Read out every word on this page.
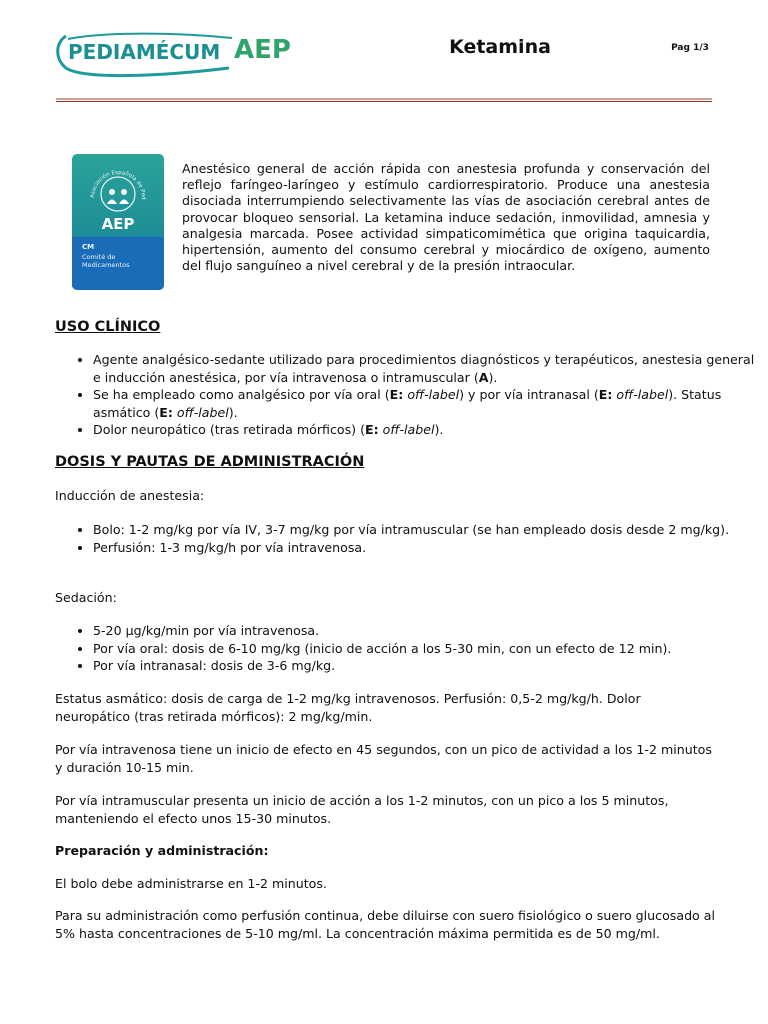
PEDIAMÉCUM AEP	Ketamina	Pag 1/3
Asociación Española de Ped
AEP
CM
Comité de
Medicamentos
Anestésico general de acción rápida con anestesia profunda y conservación del reflejo faríngeo-laríngeo y estímulo cardiorrespiratorio. Produce una anestesia disociada interrumpiendo selectivamente las vías de asociación cerebral antes de provocar bloqueo sensorial. La ketamina induce sedación, inmovilidad, amnesia y analgesia marcada. Posee actividad simpaticomimética que origina taquicardia, hipertensión, aumento del consumo cerebral y miocárdico de oxígeno, aumento del flujo sanguíneo a nivel cerebral y de la presión intraocular.
USO CLÍNICO
• Agente analgésico-sedante utilizado para procedimientos diagnósticos y terapéuticos, anestesia general e inducción anestésica, por vía intravenosa o intramuscular (A).
• Se ha empleado como analgésico por vía oral (E: off-label) y por vía intranasal (E: off-label). Status asmático (E: off-label).
• Dolor neuropático (tras retirada mórficos) (E: off-label).
DOSIS Y PAUTAS DE ADMINISTRACIÓN
Inducción de anestesia:
• Bolo: 1-2 mg/kg por vía IV, 3-7 mg/kg por vía intramuscular (se han empleado dosis desde 2 mg/kg).
• Perfusión: 1-3 mg/kg/h por vía intravenosa.
Sedación:
• 5-20 µg/kg/min por vía intravenosa.
• Por vía oral: dosis de 6-10 mg/kg (inicio de acción a los 5-30 min, con un efecto de 12 min).
• Por vía intranasal: dosis de 3-6 mg/kg.
Estatus asmático: dosis de carga de 1-2 mg/kg intravenosos. Perfusión: 0,5-2 mg/kg/h. Dolor neuropático (tras retirada mórficos): 2 mg/kg/min.
Por vía intravenosa tiene un inicio de efecto en 45 segundos, con un pico de actividad a los 1-2 minutos y duración 10-15 min.
Por vía intramuscular presenta un inicio de acción a los 1-2 minutos, con un pico a los 5 minutos, manteniendo el efecto unos 15-30 minutos.
Preparación y administración:
El bolo debe administrarse en 1-2 minutos.
Para su administración como perfusión continua, debe diluirse con suero fisiológico o suero glucosado al 5% hasta concentraciones de 5-10 mg/ml. La concentración máxima permitida es de 50 mg/ml.
